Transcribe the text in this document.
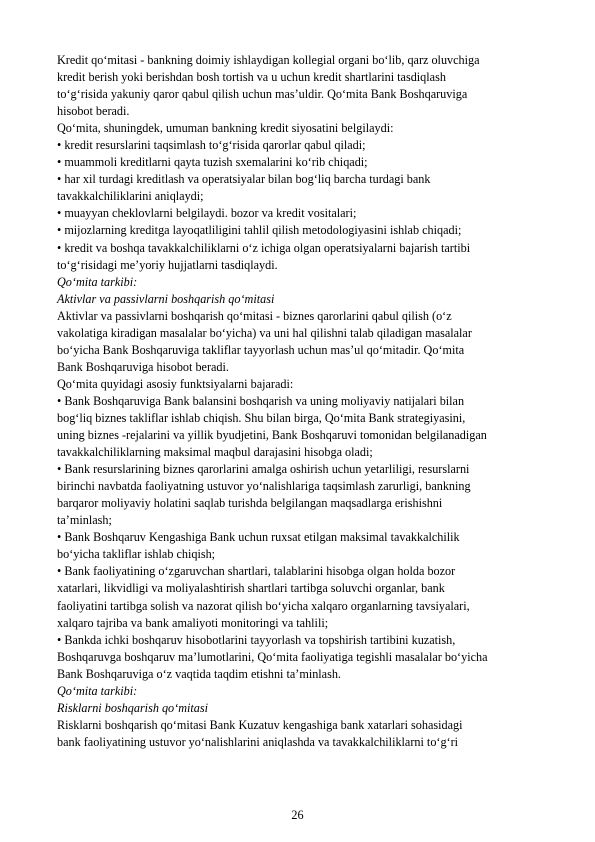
Kredit qo‘mitasi - bankning doimiy ishlaydigan kollegial organi bo‘lib, qarz oluvchiga
kredit berish yoki berishdan bosh tortish va u uchun kredit shartlarini tasdiqlash
to‘g‘risida yakuniy qaror qabul qilish uchun mas’uldir. Qo‘mita Bank Boshqaruviga
hisobot beradi.
Qo‘mita, shuningdek, umuman bankning kredit siyosatini belgilaydi:
• kredit resurslarini taqsimlash to‘g‘risida qarorlar qabul qiladi;
• muammoli kreditlarni qayta tuzish sxemalarini ko‘rib chiqadi;
• har xil turdagi kreditlash va operatsiyalar bilan bog‘liq barcha turdagi bank
tavakkalchiliklarini aniqlaydi;
• muayyan cheklovlarni belgilaydi. bozor va kredit vositalari;
• mijozlarning kreditga layoqatliligini tahlil qilish metodologiyasini ishlab chiqadi;
• kredit va boshqa tavakkalchiliklarni o‘z ichiga olgan operatsiyalarni bajarish tartibi
to‘g‘risidagi me’yoriy hujjatlarni tasdiqlaydi.
Qo‘mita tarkibi:
Aktivlar va passivlarni boshqarish qo‘mitasi
Aktivlar va passivlarni boshqarish qo‘mitasi - biznes qarorlarini qabul qilish (o‘z
vakolatiga kiradigan masalalar bo‘yicha) va uni hal qilishni talab qiladigan masalalar
bo‘yicha Bank Boshqaruviga takliflar tayyorlash uchun mas’ul qo‘mitadir. Qo‘mita
Bank Boshqaruviga hisobot beradi.
Qo‘mita quyidagi asosiy funktsiyalarni bajaradi:
• Bank Boshqaruviga Bank balansini boshqarish va uning moliyaviy natijalari bilan
bog‘liq biznes takliflar ishlab chiqish. Shu bilan birga, Qo‘mita Bank strategiyasini,
uning biznes -rejalarini va yillik byudjetini, Bank Boshqaruvi tomonidan belgilanadigan
tavakkalchiliklarning maksimal maqbul darajasini hisobga oladi;
• Bank resurslarining biznes qarorlarini amalga oshirish uchun yetarliligi, resurslarni
birinchi navbatda faoliyatning ustuvor yo‘nalishlariga taqsimlash zarurligi, bankning
barqaror moliyaviy holatini saqlab turishda belgilangan maqsadlarga erishishni
ta’minlash;
• Bank Boshqaruv Kengashiga Bank uchun ruxsat etilgan maksimal tavakkalchilik
bo‘yicha takliflar ishlab chiqish;
• Bank faoliyatining o‘zgaruvchan shartlari, talablarini hisobga olgan holda bozor
xatarlari, likvidligi va moliyalashtirish shartlari tartibga soluvchi organlar, bank
faoliyatini tartibga solish va nazorat qilish bo‘yicha xalqaro organlarning tavsiyalari,
xalqaro tajriba va bank amaliyoti monitoringi va tahlili;
• Bankda ichki boshqaruv hisobotlarini tayyorlash va topshirish tartibini kuzatish,
Boshqaruvga boshqaruv ma’lumotlarini, Qo‘mita faoliyatiga tegishli masalalar bo‘yicha
Bank Boshqaruviga o‘z vaqtida taqdim etishni ta’minlash.
Qo‘mita tarkibi:
Risklarni boshqarish qo‘mitasi
Risklarni boshqarish qo‘mitasi Bank Kuzatuv kengashiga bank xatarlari sohasidagi
bank faoliyatining ustuvor yo‘nalishlarini aniqlashda va tavakkalchiliklarni to‘g‘ri
26
